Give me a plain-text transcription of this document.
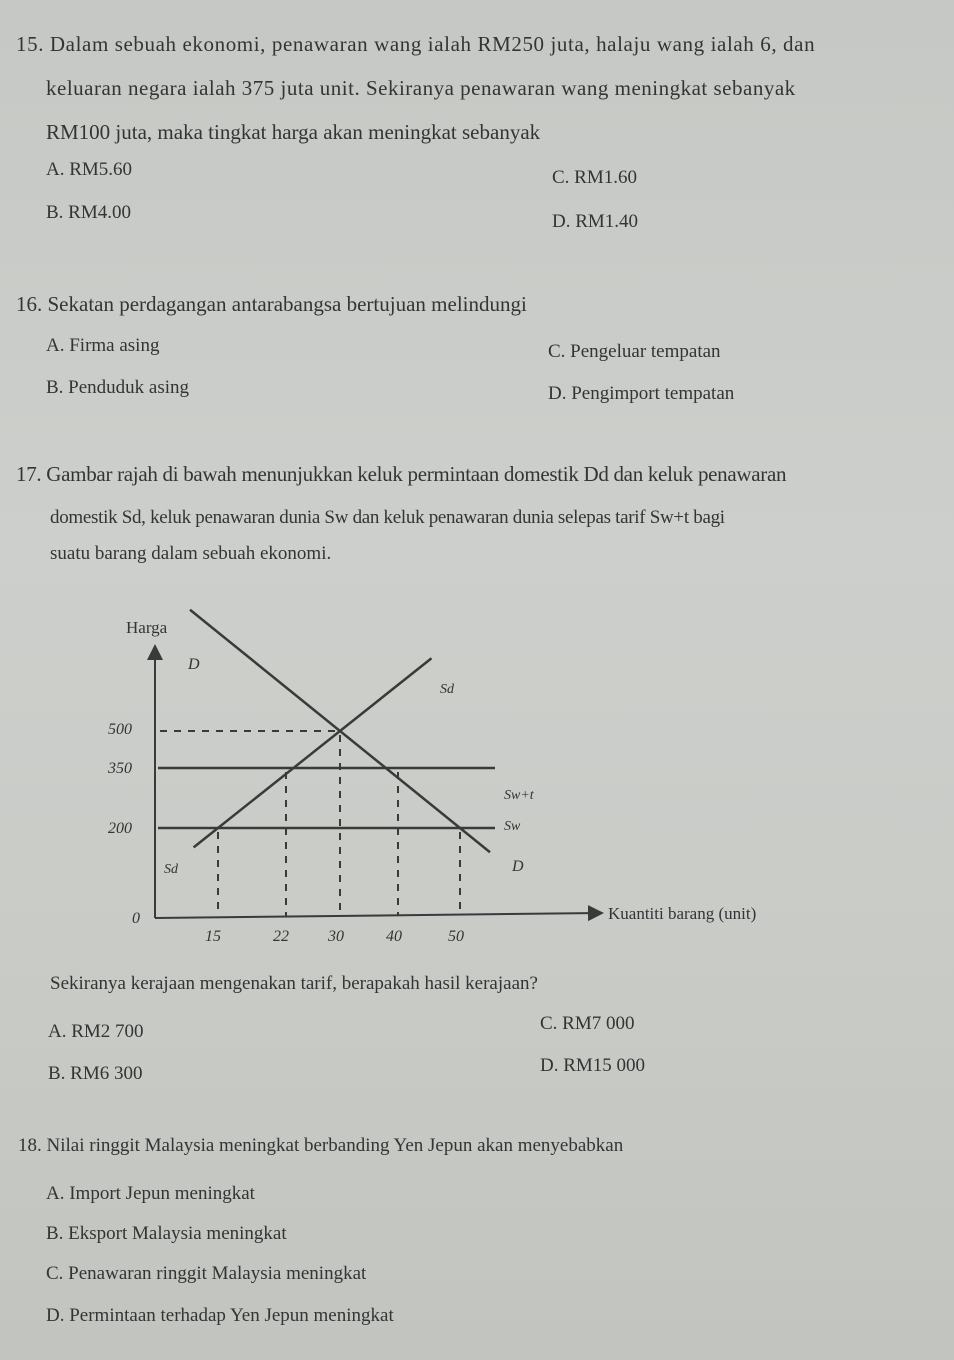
15. Dalam sebuah ekonomi, penawaran wang ialah RM250 juta, halaju wang ialah 6, dan
keluaran negara ialah 375 juta unit. Sekiranya penawaran wang meningkat sebanyak
RM100 juta, maka tingkat harga akan meningkat sebanyak
A. RM5.60	C. RM1.60
B. RM4.00	D. RM1.40
16. Sekatan perdagangan antarabangsa bertujuan melindungi
A. Firma asing	C. Pengeluar tempatan
B. Penduduk asing	D. Pengimport tempatan
17. Gambar rajah di bawah menunjukkan keluk permintaan domestik Dd dan keluk penawaran
domestik Sd, keluk penawaran dunia Sw dan keluk penawaran dunia selepas tarif Sw+t bagi
suatu barang dalam sebuah ekonomi.
Harga
Kuantiti barang (unit)
0
500
350
200
15	22 30	40	50
D
D
Sd
Sd
Sw+t
Sw
Sekiranya kerajaan mengenakan tarif, berapakah hasil kerajaan?
A. RM2 700	C. RM7 000
B. RM6 300	D. RM15 000
18. Nilai ringgit Malaysia meningkat berbanding Yen Jepun akan menyebabkan
A. Import Jepun meningkat
B. Eksport Malaysia meningkat
C. Penawaran ringgit Malaysia meningkat
D. Permintaan terhadap Yen Jepun meningkat
